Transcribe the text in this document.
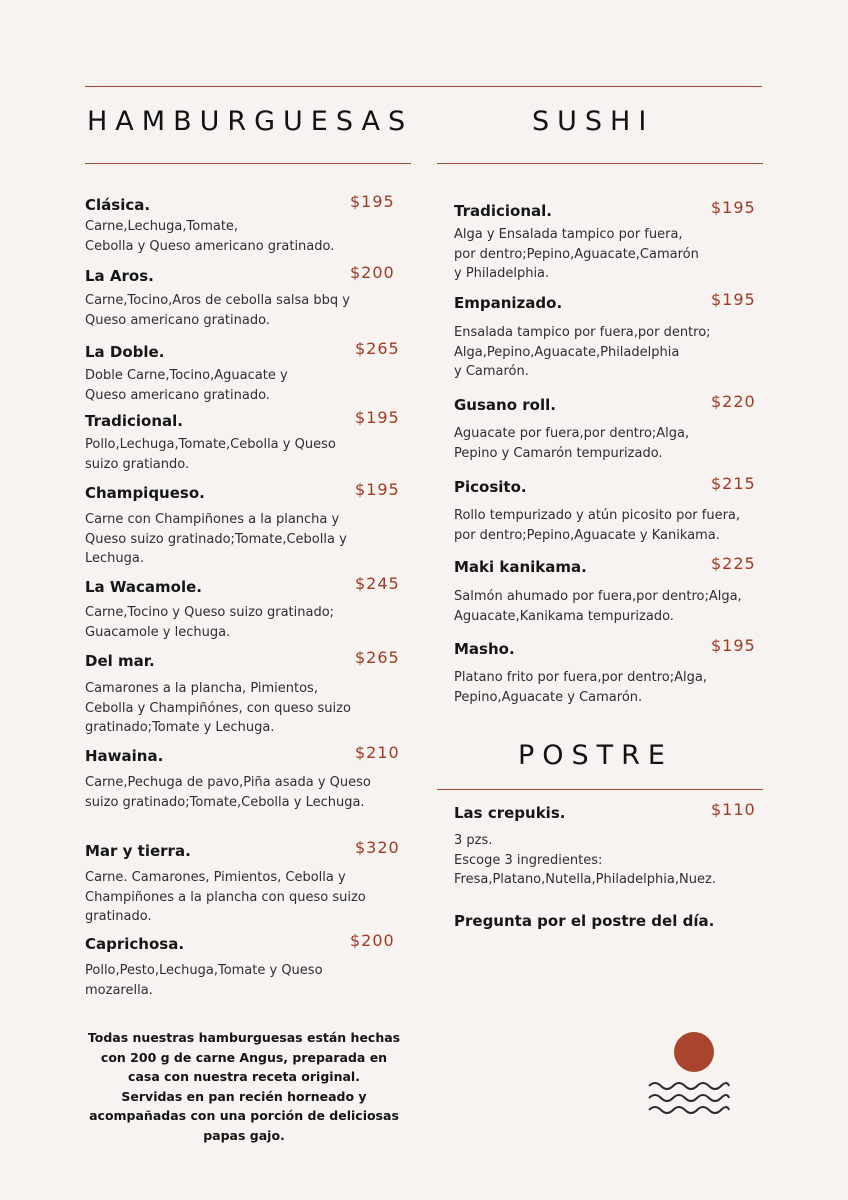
HAMBURGUESAS	SUSHI
Clásica.	$195
Carne,Lechuga,Tomate,
Cebolla y Queso americano gratinado.
La Aros.	$200
Carne,Tocino,Aros de cebolla salsa bbq y
Queso americano gratinado.
La Doble.	$265
Doble Carne,Tocino,Aguacate y
Queso americano gratinado.
Tradicional.	$195
Pollo,Lechuga,Tomate,Cebolla y Queso
suizo gratiando.
Champiqueso.	$195
Carne con Champiñones a la plancha y
Queso suizo gratinado;Tomate,Cebolla y
Lechuga.
La Wacamole.	$245
Carne,Tocino y Queso suizo gratinado;
Guacamole y lechuga.
Del mar.	$265
Camarones a la plancha, Pimientos,
Cebolla y Champiñónes, con queso suizo
gratinado;Tomate y Lechuga.
Hawaina.	$210
Carne,Pechuga de pavo,Piña asada y Queso
suizo gratinado;Tomate,Cebolla y Lechuga.
Mar y tierra.	$320
Carne. Camarones, Pimientos, Cebolla y
Champiñones a la plancha con queso suizo
gratinado.
Caprichosa.	$200
Pollo,Pesto,Lechuga,Tomate y Queso
mozarella.
Todas nuestras hamburguesas están hechas
con 200 g de carne Angus, preparada en
casa con nuestra receta original.
Servidas en pan recién horneado y
acompañadas con una porción de deliciosas
papas gajo.
Tradicional.	$195
Alga y Ensalada tampico por fuera,
por dentro;Pepino,Aguacate,Camarón
y Philadelphia.
Empanizado.	$195
Ensalada tampico por fuera,por dentro;
Alga,Pepino,Aguacate,Philadelphia
y Camarón.
Gusano roll.	$220
Aguacate por fuera,por dentro;Alga,
Pepino y Camarón tempurizado.
Picosito.	$215
Rollo tempurizado y atún picosito por fuera,
por dentro;Pepino,Aguacate y Kanikama.
Maki kanikama.	$225
Salmón ahumado por fuera,por dentro;Alga,
Aguacate,Kanikama tempurizado.
Masho.	$195
Platano frito por fuera,por dentro;Alga,
Pepino,Aguacate y Camarón.
POSTRE
Las crepukis.	$110
3 pzs.
Escoge 3 ingredientes:
Fresa,Platano,Nutella,Philadelphia,Nuez.
Pregunta por el postre del día.
